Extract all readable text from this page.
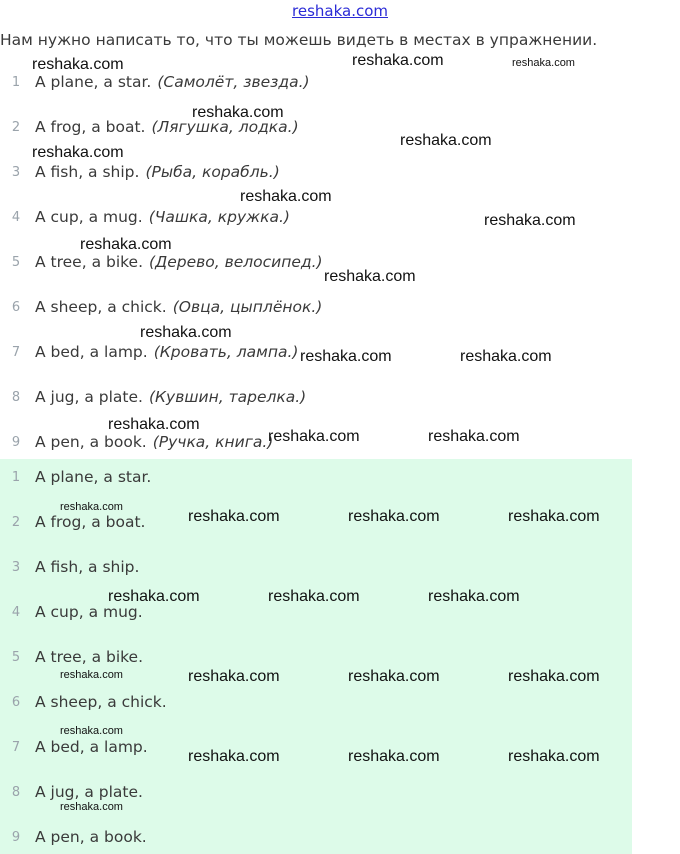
reshaka.com
Нам нужно написать то, что ты можешь видеть в местах в упражнении.
1 A plane, a star. (Самолёт, звезда.)
2 A frog, a boat. (Лягушка, лодка.)
3 A fish, a ship. (Рыба, корабль.)
4 A cup, a mug. (Чашка, кружка.)
5 A tree, a bike. (Дерево, велосипед.)
6 A sheep, a chick. (Овца, цыплёнок.)
7 A bed, a lamp. (Кровать, лампа.)
8 A jug, a plate. (Кувшин, тарелка.)
9 A pen, a book. (Ручка, книга.)
1 A plane, a star.
2 A frog, a boat.
3 A fish, a ship.
4 A cup, a mug.
5 A tree, a bike.
6 A sheep, a chick.
7 A bed, a lamp.
8 A jug, a plate.
9 A pen, a book.
reshaka.com	reshaka.com	reshaka.com
reshaka.com
reshaka.com
reshaka.com
reshaka.com
reshaka.com
reshaka.com
reshaka.com
reshaka.com
reshaka.com	reshaka.com
reshaka.com
reshaka.com	reshaka.com
reshaka.com
reshaka.com	reshaka.com	reshaka.com
reshaka.com	reshaka.com	reshaka.com
reshaka.com	reshaka.com	reshaka.com	reshaka.com
reshaka.com
reshaka.com	reshaka.com	reshaka.com
reshaka.com
